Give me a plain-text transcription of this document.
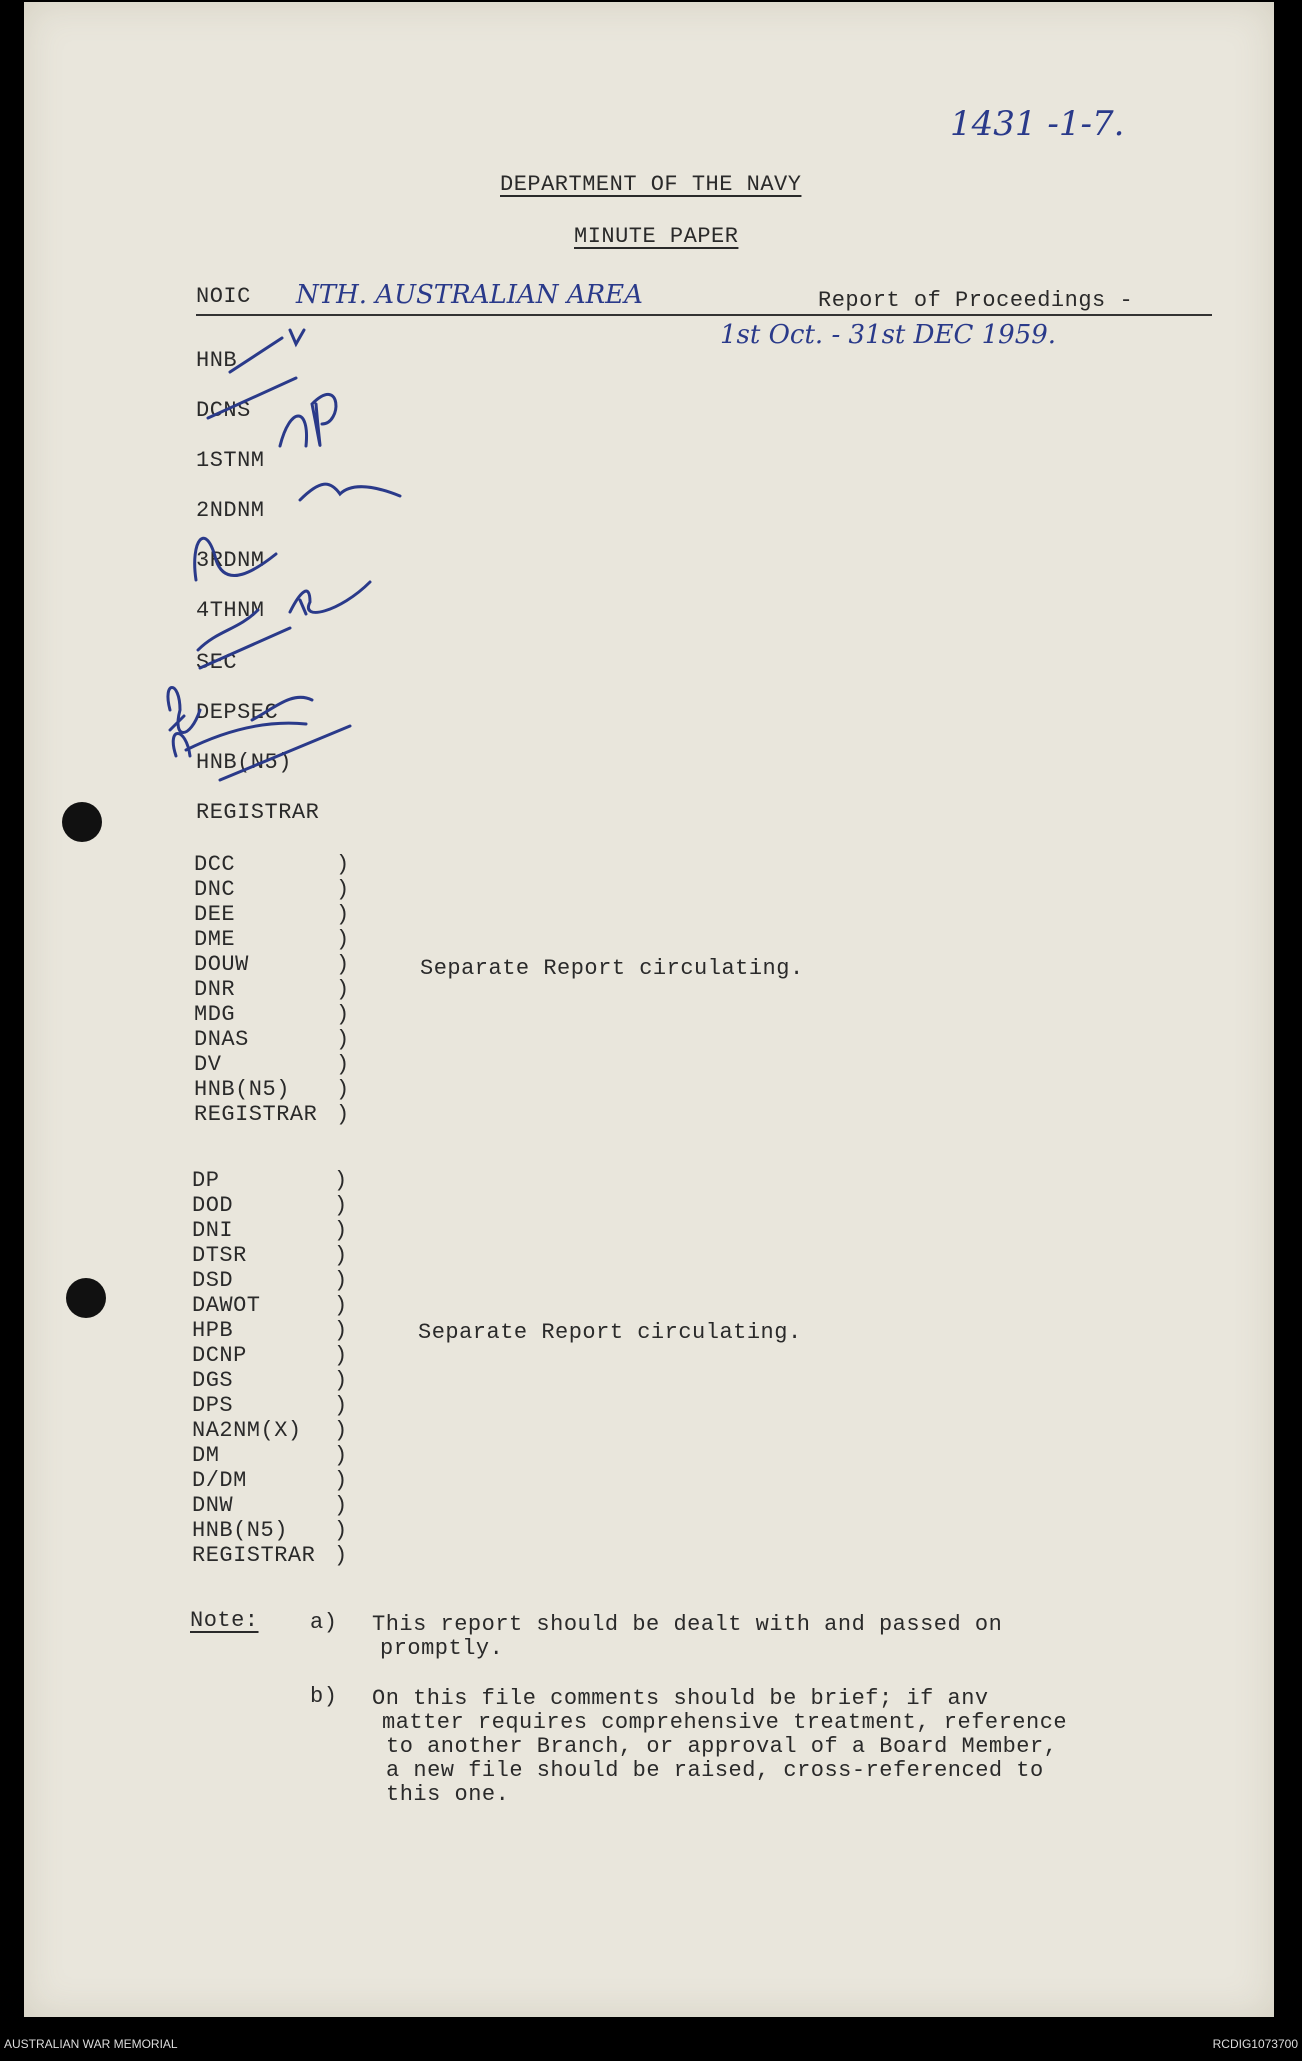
1431 -1-7.
DEPARTMENT OF THE NAVY
MINUTE PAPER
NOIC NTH. AUSTRALIAN AREA	Report of Proceedings -
1st Oct. - 31st DEC 1959.
HNB
DCNS
1STNM
2NDNM
3RDNM
4THNM
SEC
DEPSEC
HNB(N5)
REGISTRAR
DCC
DNC
DEE
DME
DOUW
DNR
MDG
DNAS
DV
HNB(N5)
REGISTRAR
)
)
)
)
)
)
)
)
)
)
)
Separate Report circulating.
DP
DOD
DNI
DTSR
DSD
DAWOT
HPB
DCNP
DGS
DPS
NA2NM(X)
DM
D/DM
DNW
HNB(N5)
REGISTRAR
)
)
)
)
)
)
)
)
)
)
)
)
)
)
)
)
Separate Report circulating.
Note: a) This report should be dealt with and passed on
promptly.
b) On this file comments should be brief; if anv
matter requires comprehensive treatment, reference
to another Branch, or approval of a Board Member,
a new file should be raised, cross-referenced to
this one.
AUSTRALIAN WAR MEMORIAL	RCDIG1073700
